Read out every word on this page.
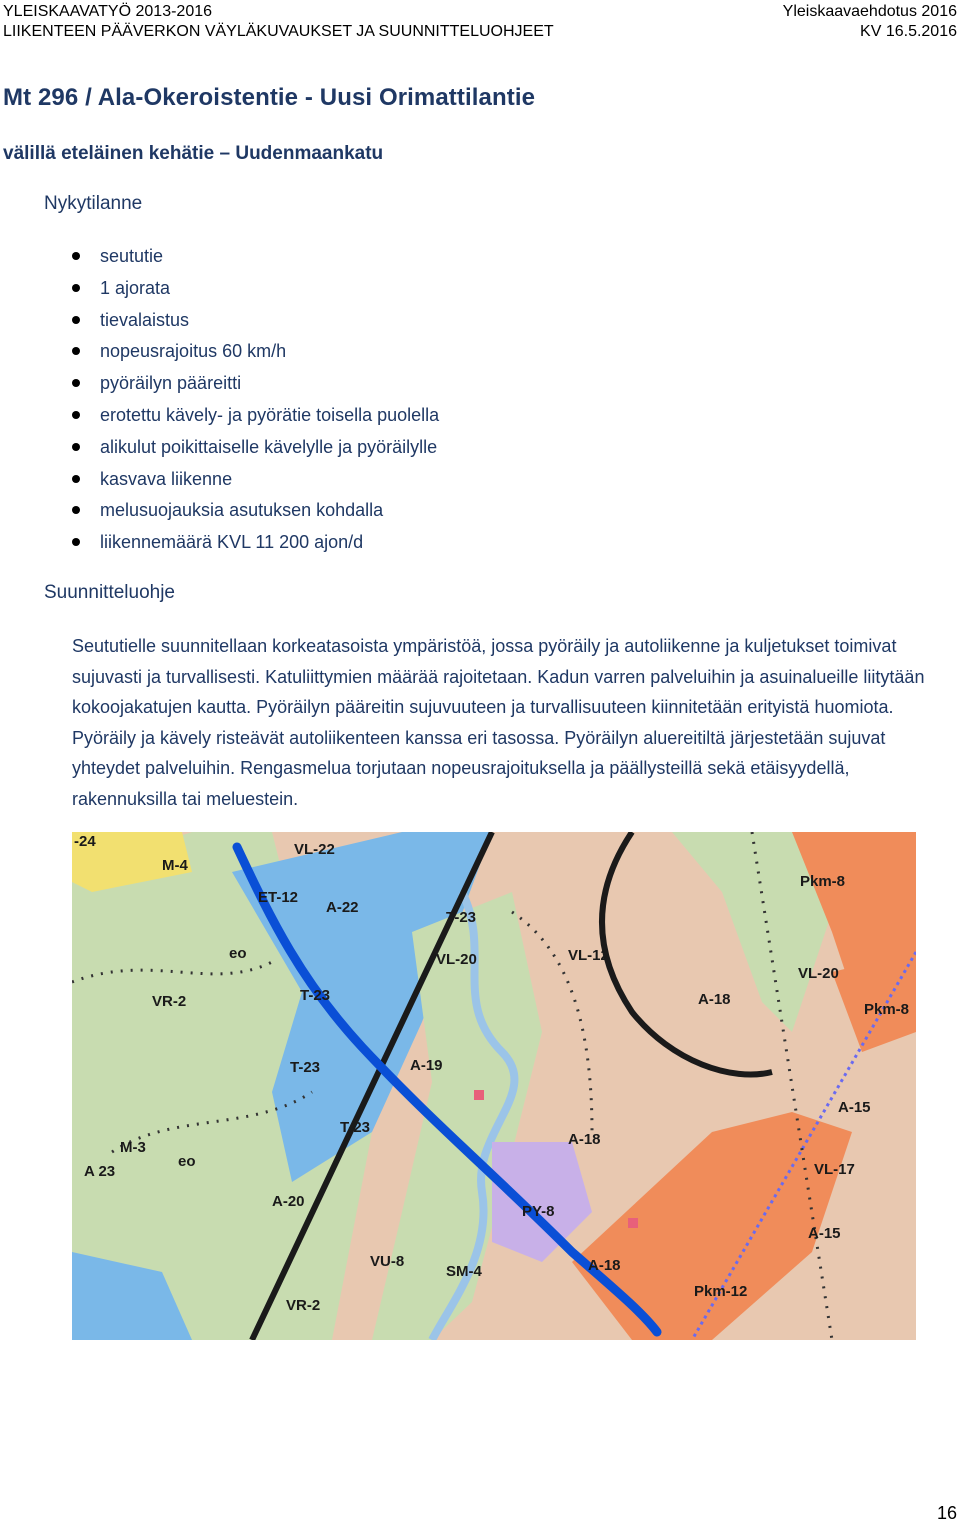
YLEISKAAVATYÖ 2013-2016
LIIKENTEEN PÄÄVERKON VÄYLÄKUVAUKSET JA SUUNNITTELUOHJEET
Yleiskaavaehdotus 2016
KV 16.5.2016
Mt 296 / Ala-Okeroistentie - Uusi Orimattilantie
välillä eteläinen kehätie – Uudenmaankatu
Nykytilanne
seututie
1 ajorata
tievalaistus
nopeusrajoitus 60 km/h
pyöräilyn pääreitti
erotettu kävely- ja pyörätie toisella puolella
alikulut poikittaiselle kävelylle ja pyöräilylle
kasvava liikenne
melusuojauksia asutuksen kohdalla
liikennemäärä KVL 11 200 ajon/d
Suunnitteluohje

Seututielle suunnitellaan korkeatasoista ympäristöä, jossa pyöräily ja autoliikenne ja kuljetukset toimivat sujuvasti ja turvallisesti. Katuliittymien määrää rajoitetaan. Kadun varren palveluihin ja asuinalueille liitytään kokoojakatujen kautta. Pyöräilyn pääreitin sujuvuuteen ja turvallisuuteen kiinnitetään erityistä huomiota. Pyöräily ja kävely risteävät autoliikenteen kanssa eri tasossa. Pyöräilyn aluereitiltä järjestetään sujuvat yhteydet palveluihin. Rengasmelua torjutaan nopeusrajoituksella ja päällysteillä sekä etäisyydellä, rakennuksilla tai meluestein.

-24
M-4
VL-22
ET-12
A-22
T-23
VL-20	VL-12
Pkm-8
eo
T-23
VR-2	A-18
VL-20
Pkm-8
T-23	A-19
A-15
M-3
T-23
A 23
eo
A-18
VL-17
A-20
PY-8
VU-8
SM-4	A-18
A-15
VR-2
Pkm-12
16
